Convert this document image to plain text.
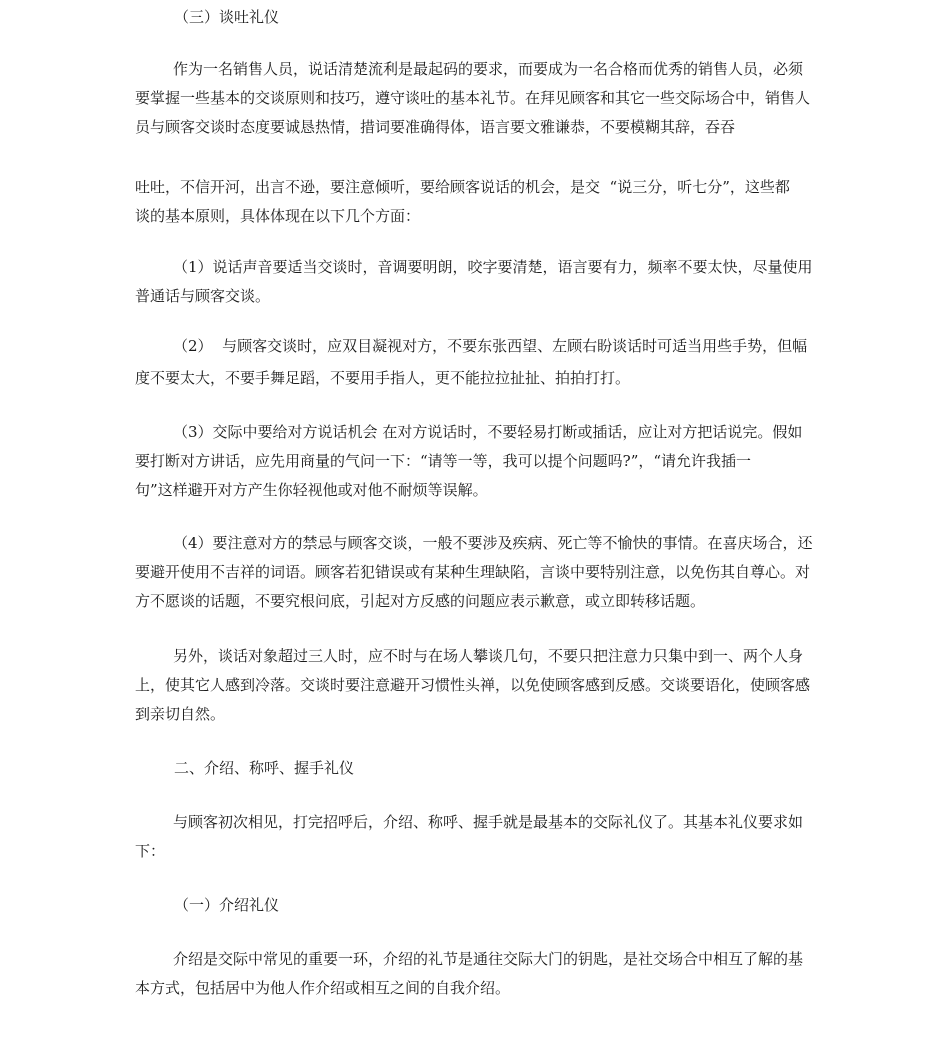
（三）谈吐礼仪

作为一名销售人员，说话清楚流利是最起码的要求，而要成为一名合格而优秀的销售人员，必须
要掌握一些基本的交谈原则和技巧，遵守谈吐的基本礼节。在拜见顾客和其它一些交际场合中，销售人
员与顾客交谈时态度要诚恳热情，措词要准确得体，语言要文雅谦恭，不要模糊其辞，吞吞

吐吐，不信开河，出言不逊，要注意倾听，要给顾客说话的机会，是交  “说三分，听七分”，这些都
谈的基本原则，具体体现在以下几个方面：

（1）说话声音要适当交谈时，音调要明朗，咬字要清楚，语言要有力，频率不要太快，尽量使用
普通话与顾客交谈。

（2）  与顾客交谈时，应双目凝视对方，不要东张西望、左顾右盼谈话时可适当用些手势，但幅
度不要太大，不要手舞足蹈，不要用手指人，更不能拉拉扯扯、拍拍打打。

（3）交际中要给对方说话机会 在对方说话时，不要轻易打断或插话，应让对方把话说完。假如
要打断对方讲话，应先用商量的气问一下：“请等一等，我可以提个问题吗?”，“请允许我插一
句”这样避开对方产生你轻视他或对他不耐烦等误解。

（4）要注意对方的禁忌与顾客交谈，一般不要涉及疾病、死亡等不愉快的事情。在喜庆场合，还
要避开使用不吉祥的词语。顾客若犯错误或有某种生理缺陷，言谈中要特别注意，以免伤其自尊心。对
方不愿谈的话题，不要究根问底，引起对方反感的问题应表示歉意，或立即转移话题。

另外，谈话对象超过三人时，应不时与在场人攀谈几句，不要只把注意力只集中到一、两个人身
上，使其它人感到冷落。交谈时要注意避开习惯性头禅，以免使顾客感到反感。交谈要语化，使顾客感
到亲切自然。

二、介绍、称呼、握手礼仪

与顾客初次相见，打完招呼后，介绍、称呼、握手就是最基本的交际礼仪了。其基本礼仪要求如
下：

（一）介绍礼仪

介绍是交际中常见的重要一环，介绍的礼节是通往交际大门的钥匙，是社交场合中相互了解的基
本方式，包括居中为他人作介绍或相互之间的自我介绍。
